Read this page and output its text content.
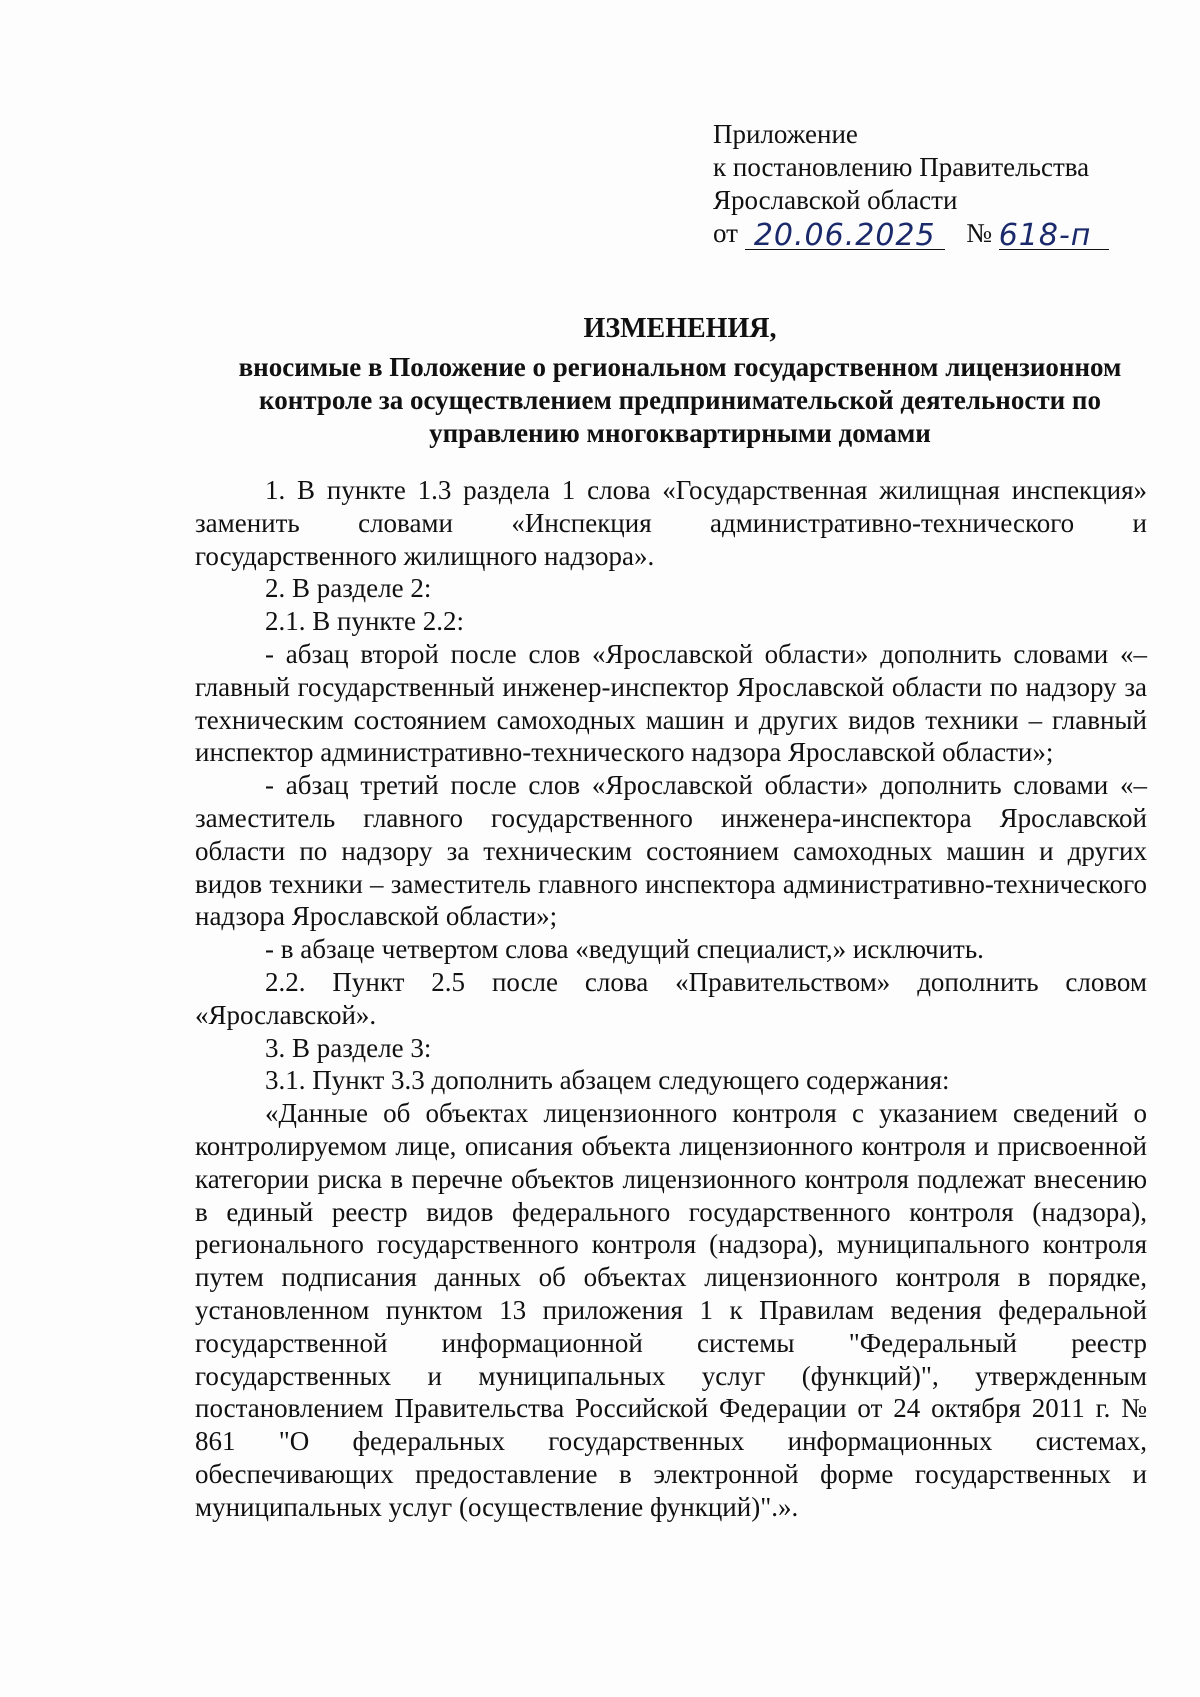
Приложение
к постановлению Правительства
Ярославской области
от 20.06.2025 № 618-п
ИЗМЕНЕНИЯ,
вносимые в Положение о региональном государственном лицензионном контроле за осуществлением предпринимательской деятельности по управлению многоквартирными домами

1. В пункте 1.3 раздела 1 слова «Государственная жилищная инспекция» заменить словами «Инспекция административно-технического и государственного жилищного надзора».

2. В разделе 2:

2.1. В пункте 2.2:

- абзац второй после слов «Ярославской области» дополнить словами «– главный государственный инженер-инспектор Ярославской области по надзору за техническим состоянием самоходных машин и других видов техники – главный инспектор административно-технического надзора Ярославской области»;

- абзац третий после слов «Ярославской области» дополнить словами «– заместитель главного государственного инженера-инспектора Ярославской области по надзору за техническим состоянием самоходных машин и других видов техники – заместитель главного инспектора административно-технического надзора Ярославской области»;

- в абзаце четвертом слова «ведущий специалист,» исключить.

2.2. Пункт 2.5 после слова «Правительством» дополнить словом «Ярославской».

3. В разделе 3:

3.1. Пункт 3.3 дополнить абзацем следующего содержания:

«Данные об объектах лицензионного контроля с указанием сведений о контролируемом лице, описания объекта лицензионного контроля и присвоенной категории риска в перечне объектов лицензионного контроля подлежат внесению в единый реестр видов федерального государственного контроля (надзора), регионального государственного контроля (надзора), муниципального контроля путем подписания данных об объектах лицензионного контроля в порядке, установленном пунктом 13 приложения 1 к Правилам ведения федеральной государственной информационной системы "Федеральный реестр государственных и муниципальных услуг (функций)", утвержденным постановлением Правительства Российской Федерации от 24 октября 2011 г. № 861 "О федеральных государственных информационных системах, обеспечивающих предоставление в электронной форме государственных и муниципальных услуг (осуществление функций)".».
